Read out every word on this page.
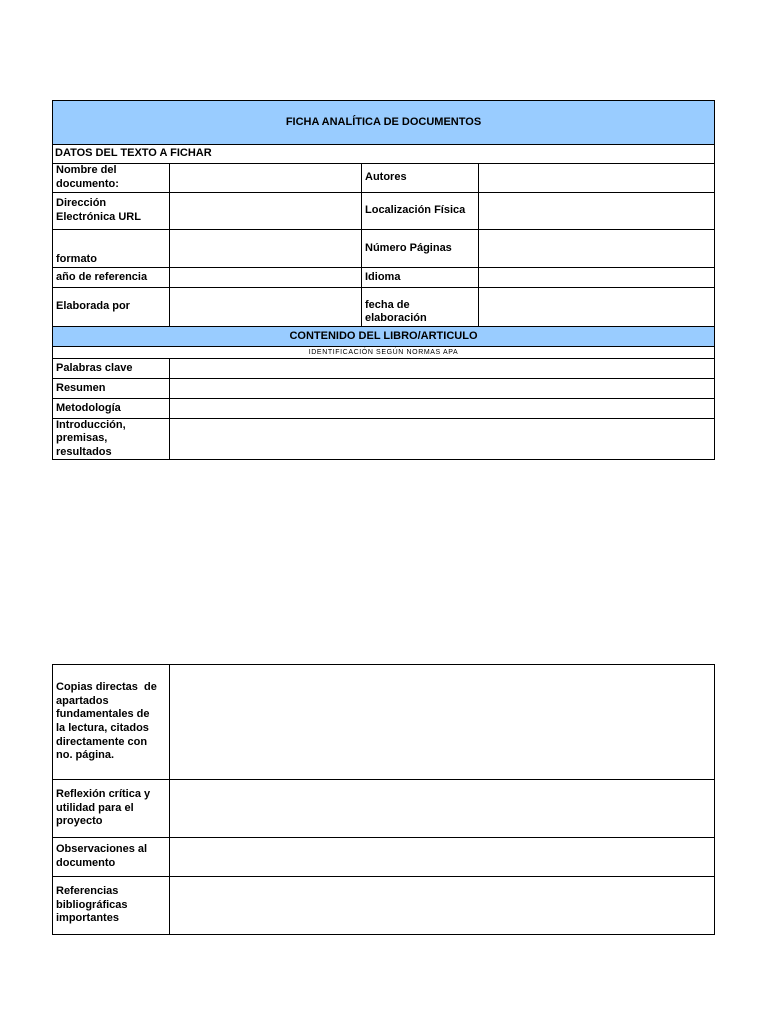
FICHA ANALÍTICA DE DOCUMENTOS
DATOS DEL TEXTO A FICHAR
Nombre del
documento:
Autores
Dirección
Electrónica URL
Localización Física
formato
Número Páginas
año de referencia	Idioma
Elaborada por	fecha de
elaboración
CONTENIDO DEL LIBRO/ARTICULO
IDENTIFICACIÓN SEGÚN NORMAS APA
Palabras clave
Resumen
Metodología
Introducción,
premisas,
resultados
Copias directas  de
apartados
fundamentales de
la lectura, citados
directamente con
no. página.
Reflexión crítica y
utilidad para el
proyecto
Observaciones al
documento
Referencias
bibliográficas
importantes
